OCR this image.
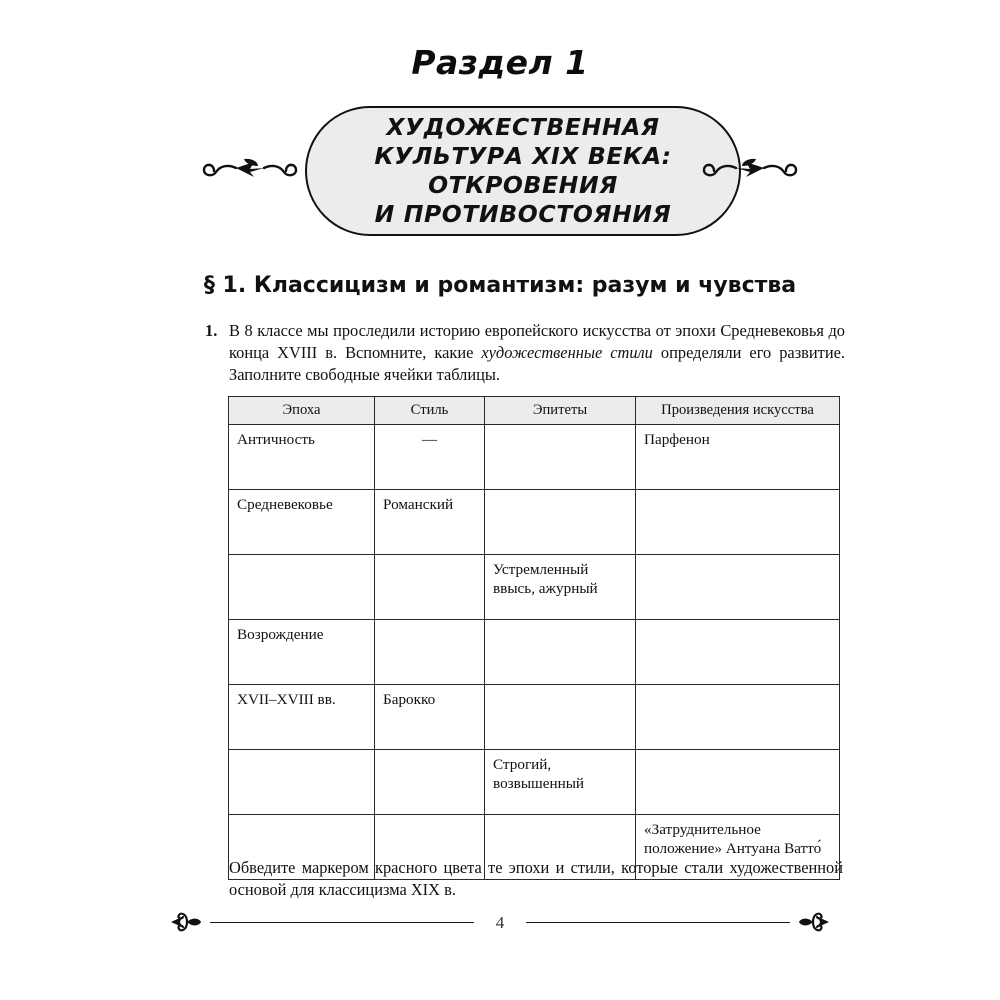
Раздел 1
ХУДОЖЕСТВЕННАЯ
КУЛЬТУРА XIX ВЕКА:
ОТКРОВЕНИЯ
И ПРОТИВОСТОЯНИЯ
§ 1. Классицизм и романтизм: разум и чувства
1. В 8 классе мы проследили историю европейского искусства от эпохи Средневековья до конца XVIII в. Вспомните, какие художественные стили определяли его развитие. Заполните свободные ячейки таблицы.
Эпоха	Стиль	Эпитеты	Произведения искусства
Античность	—		Парфенон
Средневековье	Романский		
		Устремленный ввысь, ажурный	
Возрождение			
XVII–XVIII вв.	Барокко		
		Строгий, возвышенный	
			«Затруднительное положение» Антуана Ватто́
Обведите маркером красного цвета те эпохи и стили, которые стали художественной основой для классицизма XIX в.
4
